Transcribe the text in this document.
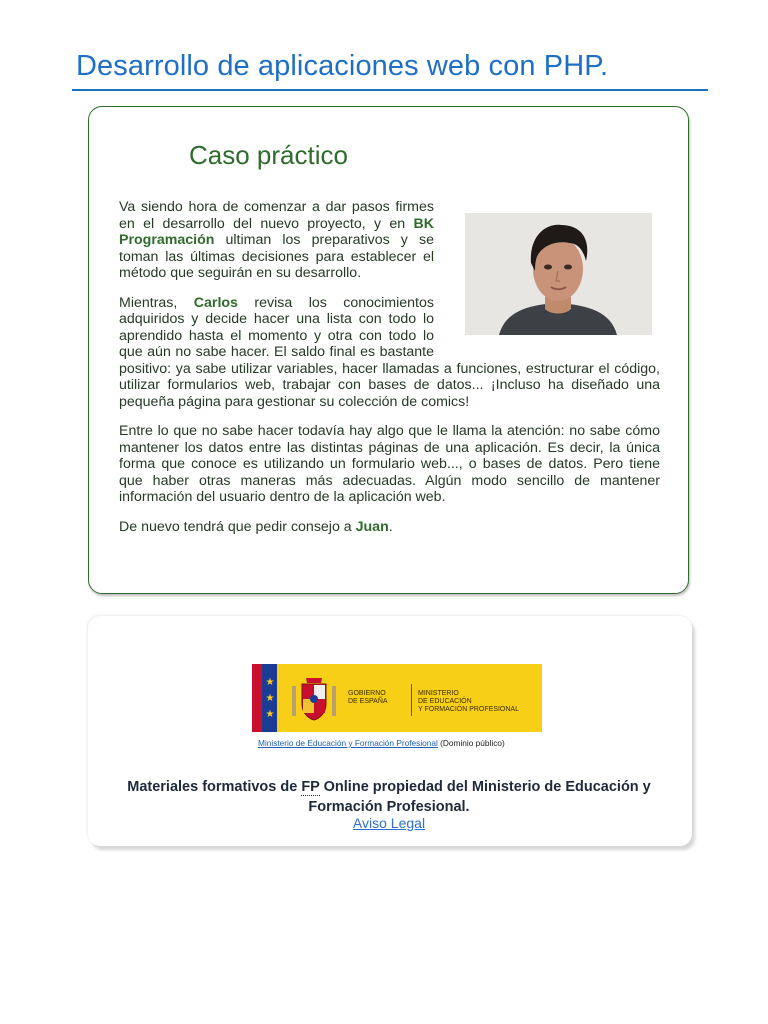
Desarrollo de aplicaciones web con PHP.
Caso práctico

Va siendo hora de comenzar a dar pasos firmes en el desarrollo del nuevo proyecto, y en BK Programación ultiman los preparativos y se toman las últimas decisiones para establecer el método que seguirán en su desarrollo.

Mientras, Carlos revisa los conocimientos adquiridos y decide hacer una lista con todo lo aprendido hasta el momento y otra con todo lo que aún no sabe hacer. El saldo final es bastante positivo: ya sabe utilizar variables, hacer llamadas a funciones, estructurar el código, utilizar formularios web, trabajar con bases de datos... ¡Incluso ha diseñado una pequeña página para gestionar su colección de comics!

Entre lo que no sabe hacer todavía hay algo que le llama la atención: no sabe cómo mantener los datos entre las distintas páginas de una aplicación. Es decir, la única forma que conoce es utilizando un formulario web..., o bases de datos. Pero tiene que haber otras maneras más adecuadas. Algún modo sencillo de mantener información del usuario dentro de la aplicación web.

De nuevo tendrá que pedir consejo a Juan.

★
★
★
GOBIERNO
DE ESPAÑA
MINISTERIO
DE EDUCACIÓN
Y FORMACIÓN PROFESIONAL
Ministerio de Educación y Formación Profesional (Dominio público)
Materiales formativos de FP Online propiedad del Ministerio de Educación y Formación Profesional.
Aviso Legal
